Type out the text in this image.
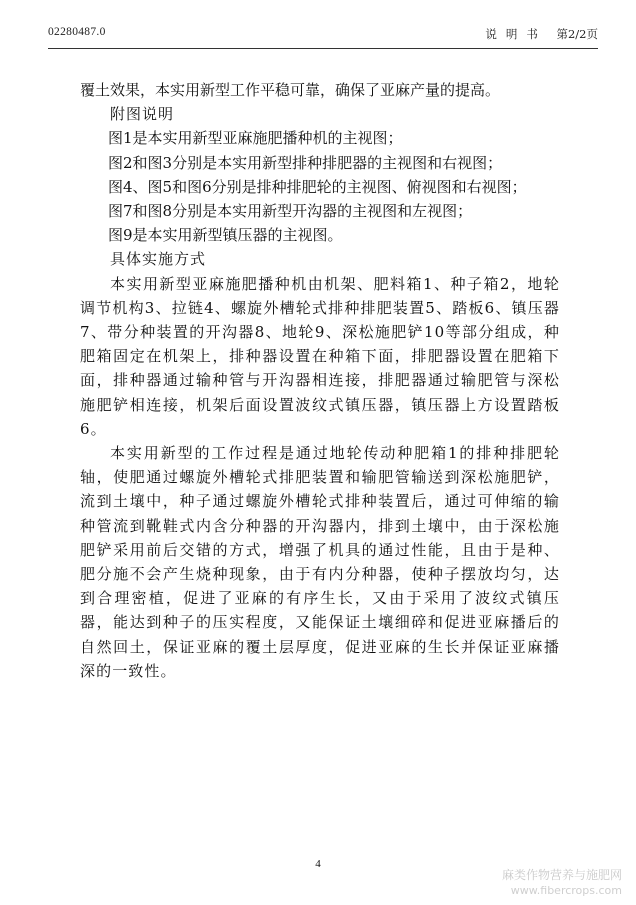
02280487.0	说明书 第2/2页

覆土效果，本实用新型工作平稳可靠，确保了亚麻产量的提高。

附图说明

图1是本实用新型亚麻施肥播种机的主视图；

图2和图3分别是本实用新型排种排肥器的主视图和右视图；

图4、图5和图6分别是排种排肥轮的主视图、俯视图和右视图；

图7和图8分别是本实用新型开沟器的主视图和左视图；

图9是本实用新型镇压器的主视图。

具体实施方式

本实用新型亚麻施肥播种机由机架、肥料箱1、种子箱2，地轮调节机构3、拉链4、螺旋外槽轮式排种排肥装置5、踏板6、镇压器7、带分种装置的开沟器8、地轮9、深松施肥铲10等部分组成，种肥箱固定在机架上，排种器设置在种箱下面，排肥器设置在肥箱下面，排种器通过输种管与开沟器相连接，排肥器通过输肥管与深松施肥铲相连接，机架后面设置波纹式镇压器，镇压器上方设置踏板6。

本实用新型的工作过程是通过地轮传动种肥箱1的排种排肥轮轴，使肥通过螺旋外槽轮式排肥装置和输肥管输送到深松施肥铲，流到土壤中，种子通过螺旋外槽轮式排种装置后，通过可伸缩的输种管流到靴鞋式内含分种器的开沟器内，排到土壤中，由于深松施肥铲采用前后交错的方式，增强了机具的通过性能，且由于是种、肥分施不会产生烧种现象，由于有内分种器，使种子摆放均匀，达到合理密植，促进了亚麻的有序生长，又由于采用了波纹式镇压器，能达到种子的压实程度，又能保证土壤细碎和促进亚麻播后的自然回土，保证亚麻的覆土层厚度，促进亚麻的生长并保证亚麻播深的一致性。

4
麻类作物营养与施肥网
www.fibercrops.com
